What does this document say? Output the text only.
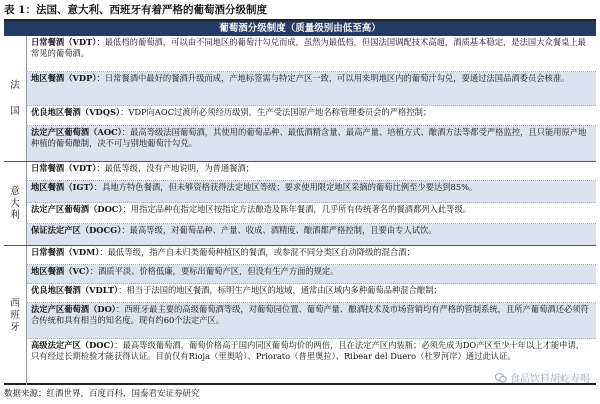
表 1：法国、意大利、西班牙有着严格的葡萄酒分级制度
葡萄酒分级制度（质量级别由低至高）
法
国
日常餐酒（VDT）：最低档的葡萄酒，可以由不同地区的葡萄汁勾兑而成，虽然为最低档，但国法国调配技术高超，酒质基本稳定，是法国大众餐桌上最常见的葡萄酒。
地区餐酒（VDP）：日常餐酒中最好的餐酒升级而成，产地标签需与特定产区一致，可以用来明地区内的葡萄汁勾兑，要通过法国品酒委员会核准。
优良地区餐酒（VDQS）：VDP向AOC过渡所必须经历级别，生产受法国原产地名称管理委员会的严格控制；
法定产区葡萄酒（AOC）：最高等级法国葡萄酒，其使用的葡萄品种、最低酒精含量、最高产量、培植方式、酿酒方法等都受严格监控，且只能用原产地种植的葡萄酿制，决不可与别地葡萄汁勾兑。
意
大
利
日常餐酒（VDT）：最低等级，没有产地说明，为普通餐酒；
地区餐酒（IGT）：具地方特色餐酒，但未够资格获得法定地区等级；要求使用限定地区采摘的葡萄比例至少要达到85%。
法定产区葡萄酒（DOC）：用指定品种在指定地区按指定方法酿造及陈年餐酒，几乎所有传统著名的餐酒都列入此等级。
保证法定产区（DOCG）：最高等级，对葡萄品种、产量、收成、酒精度、酿酒都严格控制，且要由专人试饮。
西
班
牙
日常餐酒（VDM）：最低等级，指产自未归类葡萄种植区的餐酒，或参混不同分类区自动降级的混合酒；
地区餐酒（VC）：酒质平淡、价格低廉，要标出葡萄产区，但没有生产方面的规定。
优良地区餐酒（VDLT）：相当于法国的地区餐酒，标明生产地区的地域，通常由区域内多种葡萄品种混合酿制；
法定产区葡萄酒（DO）：西班牙最主要的高级葡萄酒等级，对葡萄园位置、葡萄产量、酿酒技术及市场营销均有严格的管制系统，且所产葡萄酒还必须符合传统和具有相当的知名度。现有约60个法定产区。
高级法定产区（DOC）：最高等级葡萄酒，葡萄价格高于国内同区葡萄均价的两倍，且在法定产区内装瓶；必须先成为DO产区至少十年以上才能申请，只有经过长期检验才能获得认证。目前仅有Rioja（里奥哈）、Priorato（普里奥拉）、Ribear del Duero（杜罗河岸）通过此认证。
食品饮料胡屹寿喝
数据来源：红酒世界，百度百科，国泰君安证券研究
